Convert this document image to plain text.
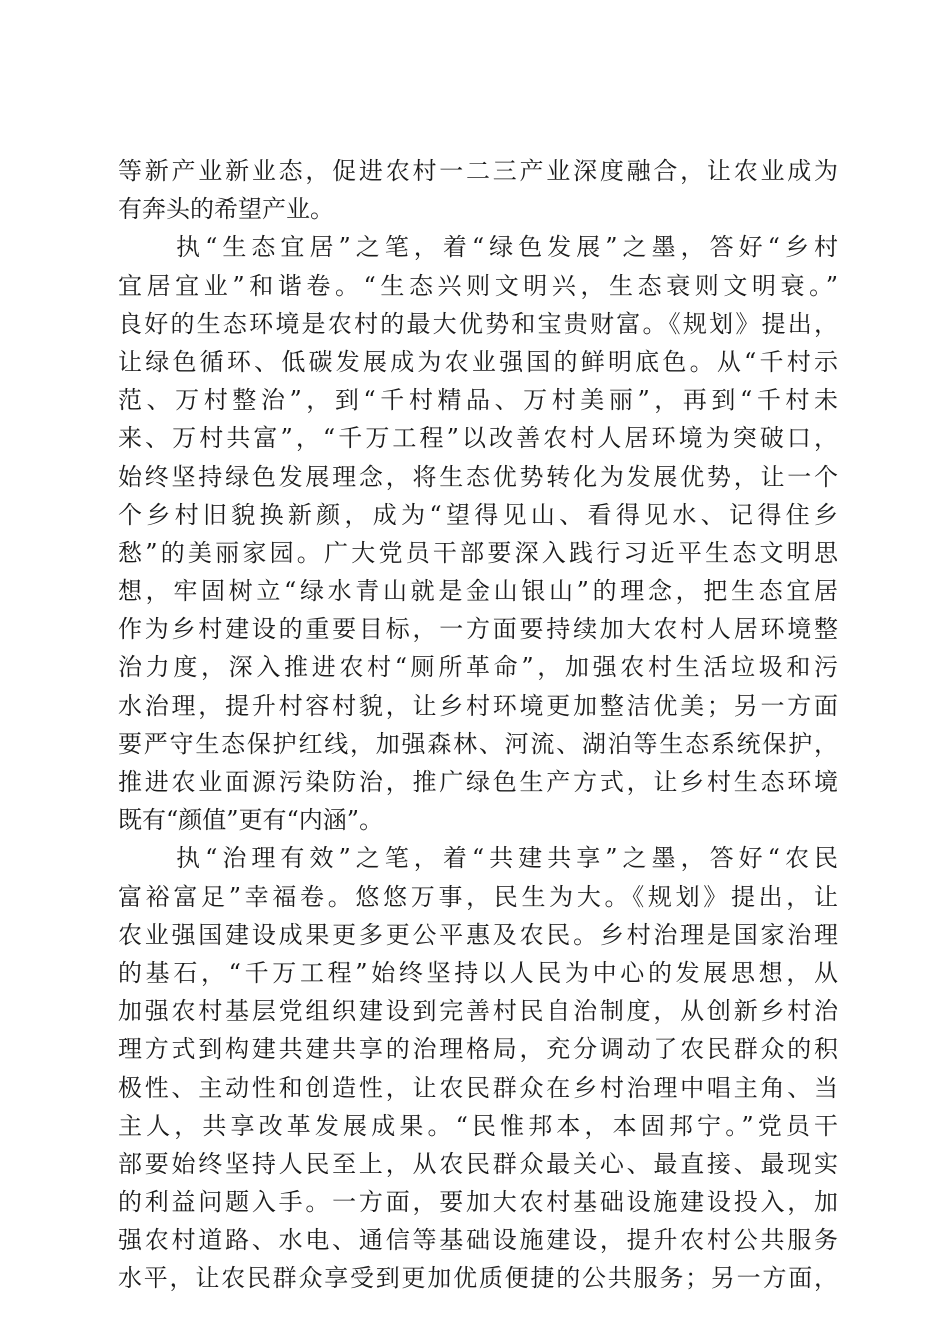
等新产业新业态，促进农村一二三产业深度融合，让农业成为
有奔头的希望产业。
　　执“生态宜居”之笔，着“绿色发展”之墨，答好“乡村
宜居宜业”和谐卷。“生态兴则文明兴，生态衰则文明衰。”
良好的生态环境是农村的最大优势和宝贵财富。《规划》提出，
让绿色循环、低碳发展成为农业强国的鲜明底色。从“千村示
范、万村整治”，到“千村精品、万村美丽”，再到“千村未
来、万村共富”，“千万工程”以改善农村人居环境为突破口，
始终坚持绿色发展理念，将生态优势转化为发展优势，让一个
个乡村旧貌换新颜，成为“望得见山、看得见水、记得住乡
愁”的美丽家园。广大党员干部要深入践行习近平生态文明思
想，牢固树立“绿水青山就是金山银山”的理念，把生态宜居
作为乡村建设的重要目标，一方面要持续加大农村人居环境整
治力度，深入推进农村“厕所革命”，加强农村生活垃圾和污
水治理，提升村容村貌，让乡村环境更加整洁优美；另一方面
要严守生态保护红线，加强森林、河流、湖泊等生态系统保护，
推进农业面源污染防治，推广绿色生产方式，让乡村生态环境
既有“颜值”更有“内涵”。
　　执“治理有效”之笔，着“共建共享”之墨，答好“农民
富裕富足”幸福卷。悠悠万事，民生为大。《规划》提出，让
农业强国建设成果更多更公平惠及农民。乡村治理是国家治理
的基石，“千万工程”始终坚持以人民为中心的发展思想，从
加强农村基层党组织建设到完善村民自治制度，从创新乡村治
理方式到构建共建共享的治理格局，充分调动了农民群众的积
极性、主动性和创造性，让农民群众在乡村治理中唱主角、当
主人，共享改革发展成果。“民惟邦本，本固邦宁。”党员干
部要始终坚持人民至上，从农民群众最关心、最直接、最现实
的利益问题入手。一方面，要加大农村基础设施建设投入，加
强农村道路、水电、通信等基础设施建设，提升农村公共服务
水平，让农民群众享受到更加优质便捷的公共服务；另一方面，
